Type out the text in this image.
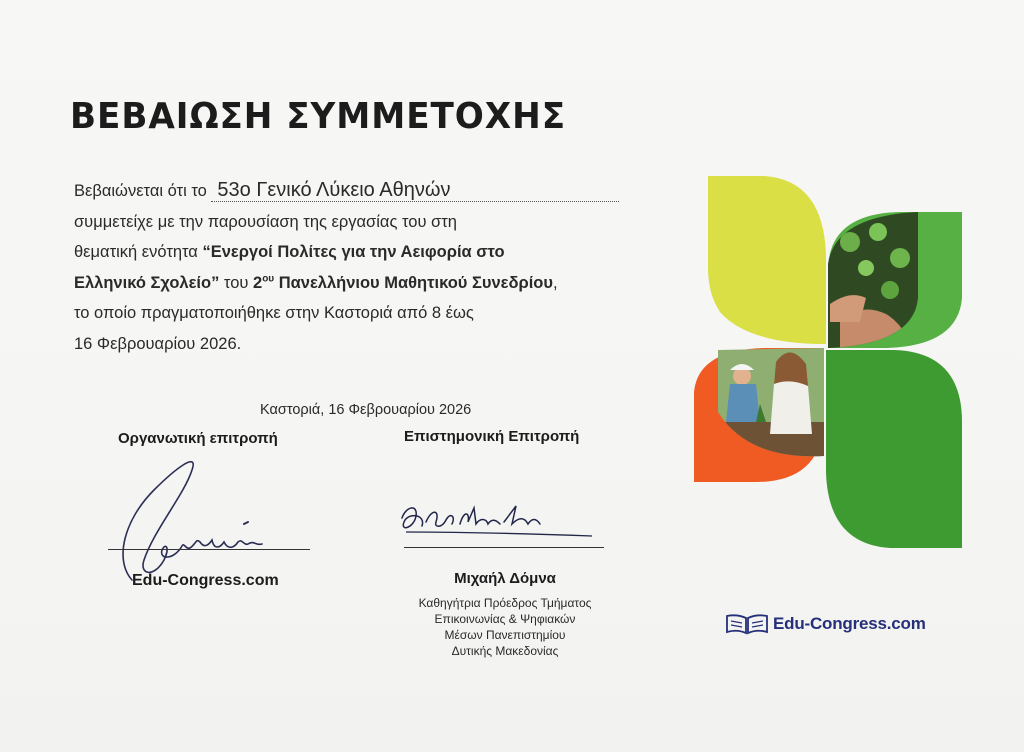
ΒΕΒΑΙΩΣΗ ΣΥΜΜΕΤΟΧΗΣ
Βεβαιώνεται ότι το 53ο Γενικό Λύκειο Αθηνών
συμμετείχε με την παρουσίαση της εργασίας του στη
θεματική ενότητα “Ενεργοί Πολίτες για την Αειφορία στο
Ελληνικό Σχολείο” του $2^{o\upsilon}$ Πανελλήνιου Μαθητικού Συνεδρίου,
το οποίο πραγματοποιήθηκε στην Καστοριά από 8 έως
16 Φεβρουαρίου 2026.
Καστοριά, 16 Φεβρουαρίου 2026
Οργανωτική επιτροπή	Επιστημονική Επιτροπή
Edu-Congress.com	Μιχαήλ Δόμνα
Καθηγήτρια Πρόεδρος Τμήματος
Επικοινωνίας & Ψηφιακών
Μέσων Πανεπιστημίου
Δυτικής Μακεδονίας
Edu-Congress.com
